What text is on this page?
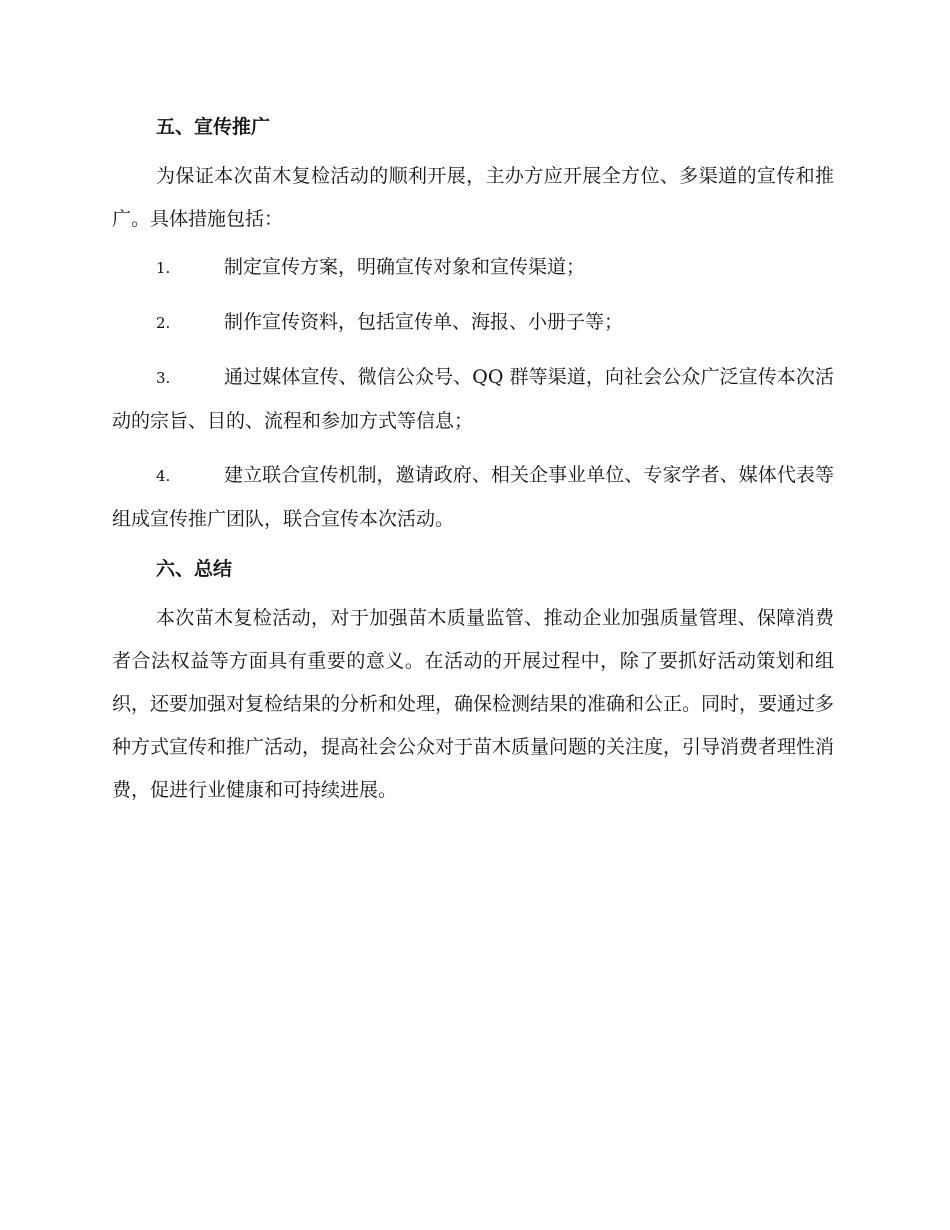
五、宣传推广

为保证本次苗木复检活动的顺利开展，主办方应开展全方位、多渠道的宣传和推广。具体措施包括：

1.	制定宣传方案，明确宣传对象和宣传渠道；

2.	制作宣传资料，包括宣传单、海报、小册子等；

3.	通过媒体宣传、微信公众号、QQ 群等渠道，向社会公众广泛宣传本次活动的宗旨、目的、流程和参加方式等信息；

4.	建立联合宣传机制，邀请政府、相关企事业单位、专家学者、媒体代表等组成宣传推广团队，联合宣传本次活动。

六、总结

本次苗木复检活动，对于加强苗木质量监管、推动企业加强质量管理、保障消费者合法权益等方面具有重要的意义。在活动的开展过程中，除了要抓好活动策划和组织，还要加强对复检结果的分析和处理，确保检测结果的准确和公正。同时，要通过多种方式宣传和推广活动，提高社会公众对于苗木质量问题的关注度，引导消费者理性消费，促进行业健康和可持续进展。
